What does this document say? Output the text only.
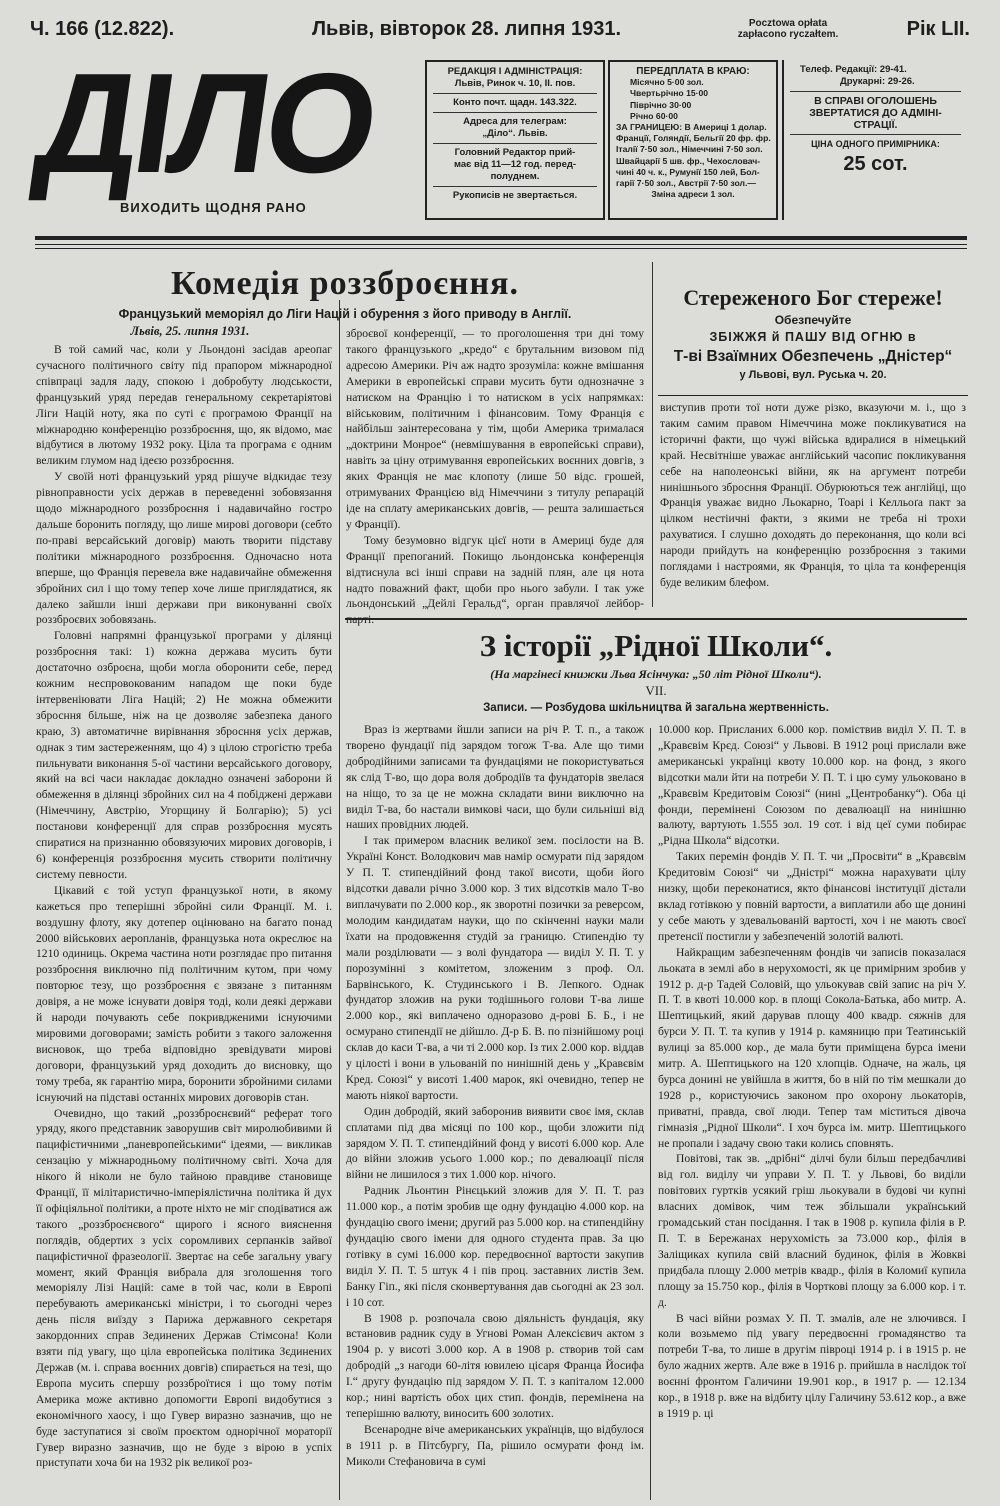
Ч. 166 (12.822).	Львів, вівторок 28. липня 1931.	Pocztowa opłata
zapłacono ryczałtem.	Рік LII.
ДІЛО
ВИХОДИТЬ ЩОДНЯ РАНО
РЕДАКЦІЯ І АДМІНІСТРАЦІЯ:
Львів, Ринок ч. 10, II. пов.
Конто почт. щадн. 143.322.
Адреса для телеграм:
„Діло“. Львів.
Головний Редактор прий-
має від 11—12 год. перед-
полуднем.
Рукописів не звертається.
ПЕРЕДПЛАТА В КРАЮ:
Місячно 5·00 зол.
Чвертьрічно 15·00
Піврічно 30·00
Річно 60·00
ЗА ГРАНИЦЕЮ: В Америці 1 долар.
Франції, Голяндії, Бельгії 20 фр. фр.
Італії 7·50 зол., Німеччині 7·50 зол.
Швайцарії 5 шв. фр., Чехословач-
чині 40 ч. к., Румунії 150 лей, Бол-
гарії 7·50 зол., Австрії 7·50 зол.—
Зміна адреси 1 зол.
Телеф. Редакції: 29-41.
Друкарні: 29-26.
В СПРАВІ ОГОЛОШЕНЬ
ЗВЕРТАТИСЯ ДО АДМІНІ-
СТРАЦІЇ.
ЦІНА ОДНОГО ПРИМІРНИКА:
25 сот.
Комедія роззброєння.
Французький меморіял до Ліги Націй і обурення з його приводу в Англії.
Львів, 25. липня 1931.

В той самий час, коли у Льондоні засідав ареопаг сучасного політичного світу під прапором міжнародної співпраці задля ладу, спокою і добробуту людськости, французький уряд передав генеральному секретаріятові Ліги Націй ноту, яка по суті є програмою Франції на міжнародню конференцію роззброєння, що, як відомо, має відбутися в лютому 1932 року. Ціла та програма є одним великим глумом над ідеєю роззброєння.

У своїй ноті французький уряд рішуче відкидає тезу рівноправности усіх держав в переведенні зобовязання щодо міжнародного роззброєння і надавичайно гостро дальше боронить погляду, що лише мирові договори (себто по-праві версайський договір) мають творити підставу політики міжнародного роззброєння. Одночасно нота вперше, що Франція перевела вже надавичайне обмеження збройних сил і що тому тепер хоче лише приглядатися, як далеко зайшли інші держави при виконуванні своїх роззброєвих зобовязань.

Головні напрямні французької програми у ділянці роззброєння такі: 1) кожна держава мусить бути достаточно озброєна, щоби могла оборонити себе, перед кожним неспровокованим нападом ще поки буде інтервеніювати Ліга Націй; 2) Не можна обмежити збросння більше, ніж на це дозволяє забезпека даного краю, 3) автоматичне вирівнання збросння усіх держав, однак з тим застереженням, що 4) з цілою строгістю треба пильнувати виконання 5-ої частини версайського договору, який на всі часи накладає докладно означені заборони й обмеження в ділянці збройних сил на 4 побіджені держави (Німеччину, Австрію, Угорщину й Болгарію); 5) усі постанови конференції для справ роззброєння мусять спиратися на признанню обовязуючих мирових договорів, і 6) конференція роззброєння мусить створити політичну систему певности.

Цікавий є той уступ французької ноти, в якому кажеться про теперішні збройні сили Франції. М. і. воздушну флоту, яку дотепер оцінювано на багато понад 2000 військових аеропланів, французька нота окреслює на 1210 одиниць. Окрема частина ноти розглядає про питання роззброєння виключно під політичним кутом, при чому повторює тезу, що роззброєння є звязане з питанням довіря, а не може існувати довіря тоді, коли деякі держави й народи почувають себе покривдженими існуючими мировими договорами; замість робити з такого заложення висновок, що треба відповідно зревідувати мирові договори, французький уряд доходить до висновку, що тому треба, як гарантію мира, боронити збройними силами існуючий на підставі останніх мирових договорів стан.

Очевидно, що такий „роззброєнєвий“ реферат того уряду, якого представник заворушив світ миролюбивими й пацифістичними „паневропейськими“ ідеями, — викликав сензацію у міжнародньому політичному світі. Хоча для нікого й ніколи не було тайною правдиве становище Франції, її мілітаристично-імперіялістична політика й дух її офіціяльної політики, а проте ніхто не міг сподіватися аж такого „роззброєнєвого“ щирого і ясного вияснення поглядів, обдертих з усіх соромливих серпанків зайвої пацифістичної фразеології. Звертає на себе загальну увагу момент, який Франція вибрала для зголошення того меморіялу Лізі Націй: саме в той час, коли в Европі перебувають американські міністри, і то сьогодні через день після виїзду з Парижа державного секретаря закордонних справ Зединених Держав Стімсона! Коли взяти під увагу, що ціла европейська політика Зєдинених Держав (м. і. справа воєнних довгів) спирається на тезі, що Европа мусить спершу роззброїтися і що тому потім Америка може активно допомогти Европі видобутися з економічного хаосу, і що Гувер виразно зазначив, що не буде заступатися зі своїм проєктом однорічної мораторії Гувер виразно зазначив, що не буде з вірою в успіх приступати хоча би на 1932 рік великої роз-

зброєвої конференції, — то проголошення три дні тому такого французького „кредо“ є брутальним визовом під адресою Америки. Річ аж надто зрозуміла: кожне вмішання Америки в европейські справи мусить бути однозначне з натиском на Францію і то натиском в усіх напрямках: військовим, політичним і фінансовим. Тому Франція є найбільш заінтересована у тім, щоби Америка трималася „доктрини Монрое“ (невмішування в европейські справи), навіть за ціну отримування европейських воєнних довгів, з яких Франція не має клопоту (лише 50 відс. грошей, отримуваних Францією від Німеччини з титулу репарацій іде на сплату американських довгів, — решта залишається у Франції).

Тому безумовно відгук цієї ноти в Америці буде для Франції препоганий. Покищо льондонська конференція відтиснула всі інші справи на задній плян, але ця нота надто поважний факт, щоби про нього забули. І так уже льондонський „Дейлі Геральд“, орган правлячої лейбор-

Стереженого Бог стереже!
Обезпечуйте
ЗБІЖЖЯ й ПАШУ ВІД ОГНЮ в
Т-ві Взаїмних Обезпечень „Дністер“
у Львові, вул. Руська ч. 20.

виступив проти тої ноти дуже різко, вказуючи м. і., що з таким самим правом Німеччина може покликуватися на історичні факти, що чужі війська вдиралися в німецький край. Несвітніше уважає англійський часопис покликування себе на наполеонські війни, як на аргумент потреби нинішнього збросння Франції. Обурюються теж англійці, що Франція уважає видно Льокарно, Тоарі і Келльоґа пакт за цілком нестіичні факти, з якими не треба ні трохи рахуватися. І слушно доходять до переконання, що коли всі народи прийдуть на конференцію роззброєння з такими поглядами і настроями, як Франція, то ціла та конференція буде великим блефом.

З історії „Рідної Школи“.
(На маргінесі книжки Льва Ясінчука: „50 літ Рідної Школи“).
VII.
Записи. — Розбудова шкільництва й загальна жертвенність.

Враз із жертвами йшли записи на річ Р. Т. п., а також творено фундації під зарядом тогож Т-ва. Але що тими добродійними записами та фундаціями не покористуваться як слід Т-во, що дора воля добродіїв та фундаторів звелася на ніщо, то за це не можна складати вини виключно на виділ Т-ва, бо настали вимкові часи, що були сильніші від наших провідних людей.

І так примером власник великої зем. посілости на В. Україні Конст. Володкович мав намір осмурати під зарядом У П. Т. стипендійний фонд такої висоти, щоби його відсотки давали річно 3.000 кор. З тих відсотків мало Т-во виплачувати по 2.000 кор., як зворотні позички за реверсом, молодим кандидатам науки, що по скінченні науки мали їхати на продовження студій за границю. Стипендію ту мали розділювати — з волі фундатора — виділ У. П. Т. у порозумінні з комітетом, зложеним з проф. Ол. Барвінського, К. Студинського і В. Лепкого. Однак фундатор зложив на руки тодішнього голови Т-ва лише 2.000 кор., які виплачено одноразово д-рові Б. Б., і не осмурано стипендії не дійшло. Д-р Б. В. по пізнійшому році склав до каси Т-ва, а чи ті 2.000 кор. Із тих 2.000 кор. віддав у цілості і вони в ульованій по нинішній день у „Кравєвім Кред. Союзі“ у висоті 1.400 марок, які очевидно, тепер не мають ніякої вартости.

Один добродій, який заборонив виявити своє імя, склав сплатами під два місяці по 100 кор., щоби зложити під зарядом У. П. Т. стипендійний фонд у висоті 6.000 кор. Але до війни зложив усього 1.000 кор.; по девалюації після війни не лишилося з тих 1.000 кор. нічого.

Радник Льонтин Рінєцький зложив для У. П. Т. раз 11.000 кор., а потім зробив ще одну фундацію 4.000 кор. на фундацію свого імени; другий раз 5.000 кор. на стипендійну фундацію свого імени для одного студента прав. За цю готівку в сумі 16.000 кор. передвоєнної вартости закупив виділ У. П. Т. 5 штук 4 і пів проц. заставних листів Зем. Банку Гіп., які після сконвертування дав сьогодні ак 23 зол. і 10 сот.

В 1908 р. розпочала свою діяльність фундація, яку встановив радник суду в Угнові Роман Алексієвич актом з 1904 р. у висоті 3.000 кор. А в 1908 р. створив той сам добродій „з нагоди 60-літя ювилею цісаря Франца Йосифа І.“ другу фундацію під зарядом У. П. Т. з капіталом 12.000 кор.; нині вартість обох цих стип. фондів, переміненa на теперішню валюту, виносить 600 золотих.

Всенародне віче американських українців, що відбулося в 1911 р. в Пітсбургу, Па, рішило осмурати фонд ім. Миколи Стефановича в сумі

10.000 кор. Присланих 6.000 кор. поміствив виділ У. П. Т. в „Кравєвім Крєд. Союзі“ у Львові. В 1912 році прислали вже американські українці квоту 10.000 кор. на фонд, з якого відсотки мали йти на потреби У. П. Т. і цю суму ульоковано в „Кравєвім Кредитовім Союзі“ (нині „Центробанку“). Оба ці фонди, перемінені Союзом по девалюації на нинішню валюту, вартують 1.555 зол. 19 сот. і від цеї суми побирає „Рідна Школа“ відсотки.

Таких перемін фондів У. П. Т. чи „Просвіти“ в „Кравєвім Кредитовім Союзі“ чи „Дністрі“ можна нарахувати цілу низку, щоби переконатися, якто фінансові інституції дістали вклад готівкою у повній вартости, а виплатили або ще донині у себе мають у здевальованій вартості, хоч і не мають своєї претенсії постигли у забезпеченій золотій валюті.

Найкращим забезпеченням фондів чи записів показалася льоката в землі або в нерухомості, як це примірним зробив у 1912 р. д-р Тадей Соловій, що ульокував свій запис на річ У. П. Т. в квоті 10.000 кор. в площі Сокола-Батька, або митр. А. Шептицький, який дарував площу 400 квадр. сяжнів для бурси У. П. Т. та купив у 1914 р. камяницю при Театинській вулиці за 85.000 кор., де мала бути приміщена бурса імени митр. А. Шептицького на 120 хлопців. Одначе, на жаль, ця бурса донині не увійшла в життя, бо в ній по тім мешкали до 1928 р., користуючись законом про охорону льокаторів, приватні, правда, свої люди. Тепер там міститься дівоча гімназія „Рідної Школи“. І хоч бурса ім. митр. Шептицького не пропали і задачу свою таки колись сповнять.

Повітові, так зв. „дрібні“ ділчі були більш передбачливі від гол. виділу чи управи У. П. Т. у Львові, бо виділи повітових гуртків усякий гріш льокували в будові чи купні власних домівок, чим теж збільшали український громадський стан посідання. І так в 1908 р. купила філія в Р. П. Т. в Бережанах нерухомість за 73.000 кор., філія в Заліщиках купила свій власний будинок, філія в Жовкві придбала площу 2.000 метрів квадр., філія в Коломиї купила площу за 15.750 кор., філія в Чорткові площу за 6.000 кор. і т. д.

В часі війни розмах У. П. Т. змалів, але не злючився. І коли возьмемо під увагу передвоєнні громадянство та потреби Т-ва, то лише в другім півроці 1914 р. і в 1915 р. не було жадних жертв. Але вже в 1916 р. прийшла в наслідок тої воєнні фронтом Галичини 19.901 кор., в 1917 р. — 12.134 кор., в 1918 р. вже на відбиту цілу Галичину 53.612 кор., а вже в 1919 р. ці
